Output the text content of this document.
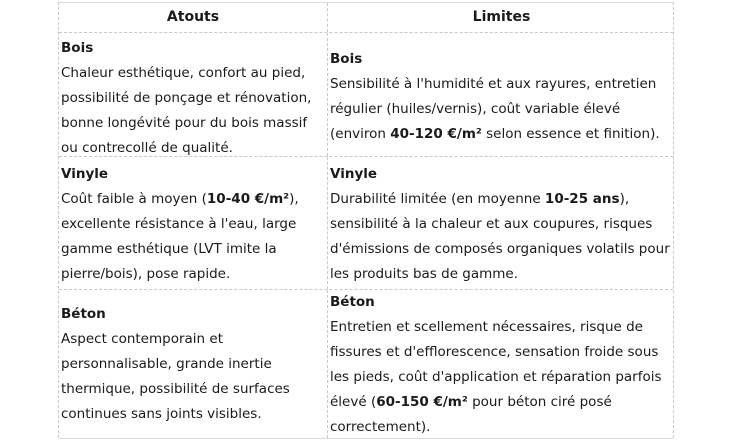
Atouts	Limites
Bois
Chaleur esthétique, confort au pied, possibilité de ponçage et rénovation, bonne longévité pour du bois massif ou contrecollé de qualité.
Bois
Sensibilité à l'humidité et aux rayures, entretien régulier (huiles/vernis), coût variable élevé (environ 40-120 €/m² selon essence et finition).
Vinyle
Coût faible à moyen (10-40 €/m²), excellente résistance à l'eau, large gamme esthétique (LVT imite la pierre/bois), pose rapide.
Vinyle
Durabilité limitée (en moyenne 10-25 ans), sensibilité à la chaleur et aux coupures, risques d'émissions de composés organiques volatils pour les produits bas de gamme.
Béton
Aspect contemporain et personnalisable, grande inertie thermique, possibilité de surfaces continues sans joints visibles.
Béton
Entretien et scellement nécessaires, risque de fissures et d'efflorescence, sensation froide sous les pieds, coût d'application et réparation parfois élevé (60-150 €/m² pour béton ciré posé correctement).
